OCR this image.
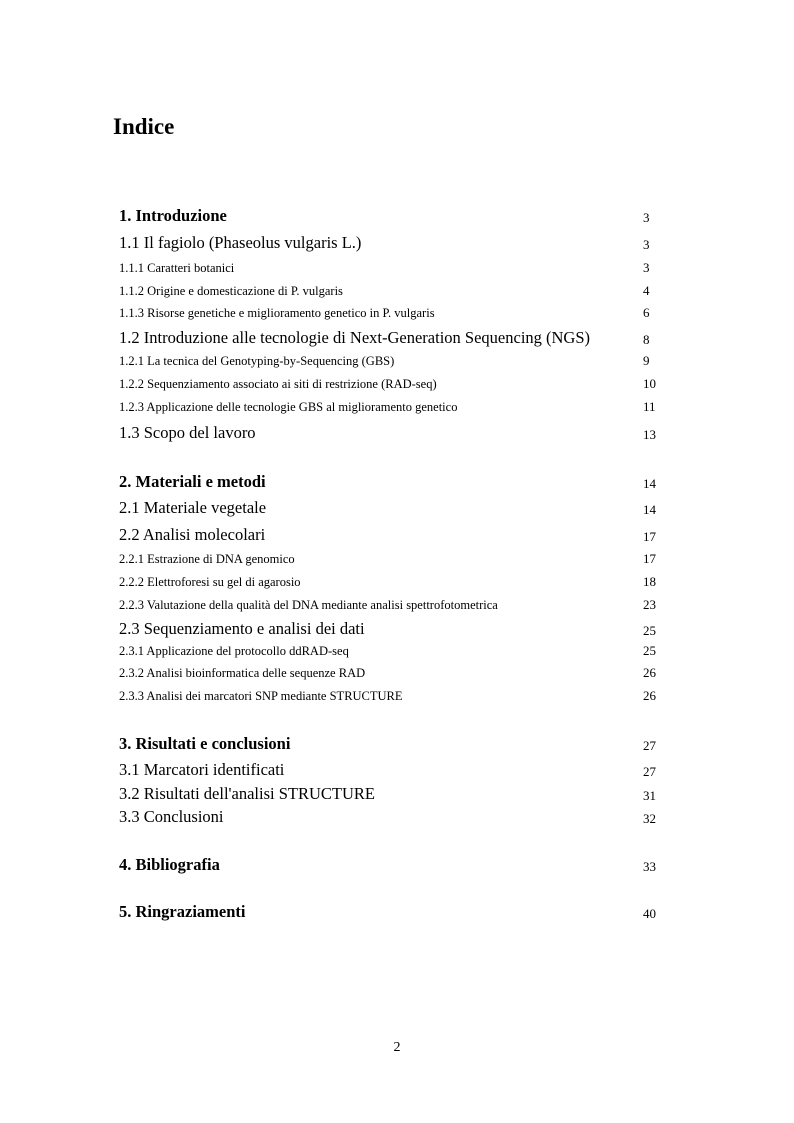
Indice
1. Introduzione	3
1.1 Il fagiolo (Phaseolus vulgaris L.)	3
1.1.1 Caratteri botanici	3
1.1.2 Origine e domesticazione di P. vulgaris	4
1.1.3 Risorse genetiche e miglioramento genetico in P. vulgaris	6
1.2 Introduzione alle tecnologie di Next-Generation Sequencing (NGS)	8
1.2.1 La tecnica del Genotyping-by-Sequencing (GBS)	9
1.2.2 Sequenziamento associato ai siti di restrizione (RAD-seq)	10
1.2.3 Applicazione delle tecnologie GBS al miglioramento genetico	11
1.3 Scopo del lavoro	13
2. Materiali e metodi	14
2.1 Materiale vegetale	14
2.2 Analisi molecolari	17
2.2.1 Estrazione di DNA genomico	17
2.2.2 Elettroforesi su gel di agarosio	18
2.2.3 Valutazione della qualità del DNA mediante analisi spettrofotometrica	23
2.3 Sequenziamento e analisi dei dati	25
2.3.1 Applicazione del protocollo ddRAD-seq	25
2.3.2 Analisi bioinformatica delle sequenze RAD	26
2.3.3 Analisi dei marcatori SNP mediante STRUCTURE	26
3. Risultati e conclusioni	27
3.1 Marcatori identificati	27
3.2 Risultati dell'analisi STRUCTURE	31
3.3 Conclusioni	32
4. Bibliografia	33
5. Ringraziamenti	40
2
